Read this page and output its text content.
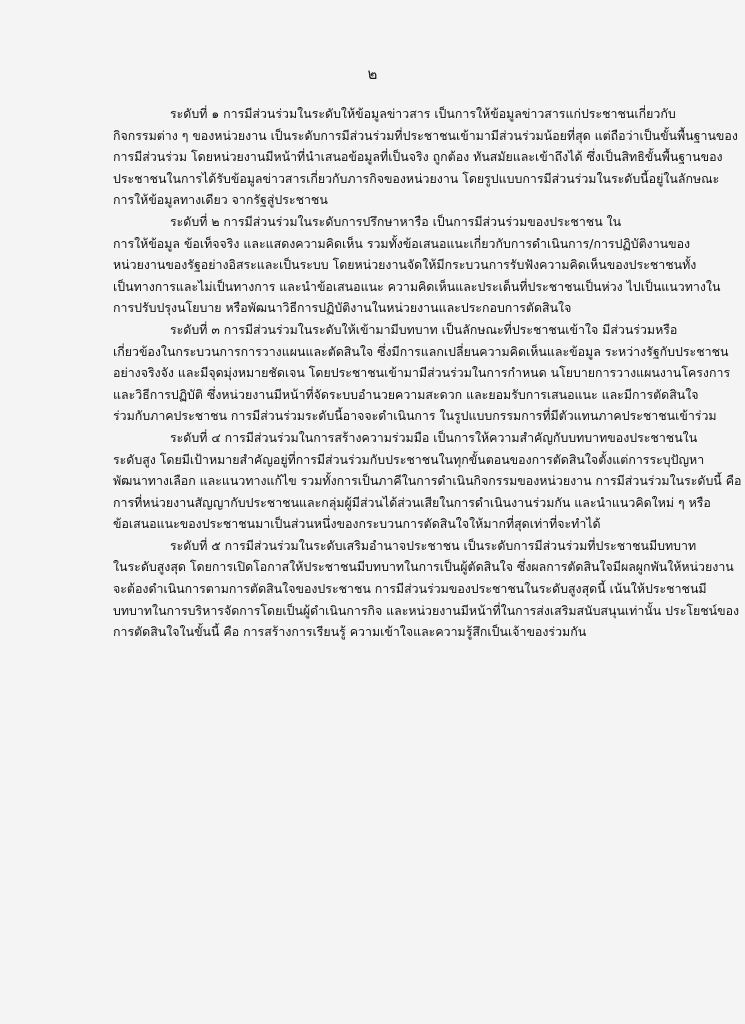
๒
ระดับที่ ๑ การมีส่วนร่วมในระดับให้ข้อมูลข่าวสาร เป็นการให้ข้อมูลข่าวสารแก่ประชาชนเกี่ยวกับ
กิจกรรมต่าง ๆ ของหน่วยงาน เป็นระดับการมีส่วนร่วมที่ประชาชนเข้ามามีส่วนร่วมน้อยที่สุด แต่ถือว่าเป็นขั้นพื้นฐานของ
การมีส่วนร่วม โดยหน่วยงานมีหน้าที่นำเสนอข้อมูลที่เป็นจริง ถูกต้อง ทันสมัยและเข้าถึงได้ ซึ่งเป็นสิทธิขั้นพื้นฐานของ
ประชาชนในการได้รับข้อมูลข่าวสารเกี่ยวกับภารกิจของหน่วยงาน โดยรูปแบบการมีส่วนร่วมในระดับนี้อยู่ในลักษณะ
การให้ข้อมูลทางเดียว จากรัฐสู่ประชาชน
ระดับที่ ๒ การมีส่วนร่วมในระดับการปรึกษาหารือ เป็นการมีส่วนร่วมของประชาชน ใน
การให้ข้อมูล ข้อเท็จจริง และแสดงความคิดเห็น รวมทั้งข้อเสนอแนะเกี่ยวกับการดำเนินการ/การปฏิบัติงานของ
หน่วยงานของรัฐอย่างอิสระและเป็นระบบ โดยหน่วยงานจัดให้มีกระบวนการรับฟังความคิดเห็นของประชาชนทั้ง
เป็นทางการและไม่เป็นทางการ และนำข้อเสนอแนะ ความคิดเห็นและประเด็นที่ประชาชนเป็นห่วง ไปเป็นแนวทางใน
การปรับปรุงนโยบาย หรือพัฒนาวิธีการปฏิบัติงานในหน่วยงานและประกอบการตัดสินใจ
ระดับที่ ๓ การมีส่วนร่วมในระดับให้เข้ามามีบทบาท เป็นลักษณะที่ประชาชนเข้าใจ มีส่วนร่วมหรือ
เกี่ยวข้องในกระบวนการการวางแผนและตัดสินใจ ซึ่งมีการแลกเปลี่ยนความคิดเห็นและข้อมูล ระหว่างรัฐกับประชาชน
อย่างจริงจัง และมีจุดมุ่งหมายชัดเจน โดยประชาชนเข้ามามีส่วนร่วมในการกำหนด นโยบายการวางแผนงานโครงการ
และวิธีการปฏิบัติ ซึ่งหน่วยงานมีหน้าที่จัดระบบอำนวยความสะดวก และยอมรับการเสนอแนะ และมีการตัดสินใจ
ร่วมกับภาคประชาชน การมีส่วนร่วมระดับนี้อาจจะดำเนินการ ในรูปแบบกรรมการที่มีตัวแทนภาคประชาชนเข้าร่วม
ระดับที่ ๔ การมีส่วนร่วมในการสร้างความร่วมมือ เป็นการให้ความสำคัญกับบทบาทของประชาชนใน
ระดับสูง โดยมีเป้าหมายสำคัญอยู่ที่การมีส่วนร่วมกับประชาชนในทุกขั้นตอนของการตัดสินใจตั้งแต่การระบุปัญหา
พัฒนาทางเลือก และแนวทางแก้ไข รวมทั้งการเป็นภาคีในการดำเนินกิจกรรมของหน่วยงาน การมีส่วนร่วมในระดับนี้ คือ
การที่หน่วยงานสัญญากับประชาชนและกลุ่มผู้มีส่วนได้ส่วนเสียในการดำเนินงานร่วมกัน และนำแนวคิดใหม่ ๆ หรือ
ข้อเสนอแนะของประชาชนมาเป็นส่วนหนึ่งของกระบวนการตัดสินใจให้มากที่สุดเท่าที่จะทำได้
ระดับที่ ๕ การมีส่วนร่วมในระดับเสริมอำนาจประชาชน เป็นระดับการมีส่วนร่วมที่ประชาชนมีบทบาท
ในระดับสูงสุด โดยการเปิดโอกาสให้ประชาชนมีบทบาทในการเป็นผู้ตัดสินใจ ซึ่งผลการตัดสินใจมีผลผูกพันให้หน่วยงาน
จะต้องดำเนินการตามการตัดสินใจของประชาชน การมีส่วนร่วมของประชาชนในระดับสูงสุดนี้ เน้นให้ประชาชนมี
บทบาทในการบริหารจัดการโดยเป็นผู้ดำเนินการกิจ และหน่วยงานมีหน้าที่ในการส่งเสริมสนับสนุนเท่านั้น ประโยชน์ของ
การตัดสินใจในขั้นนี้ คือ การสร้างการเรียนรู้ ความเข้าใจและความรู้สึกเป็นเจ้าของร่วมกัน
